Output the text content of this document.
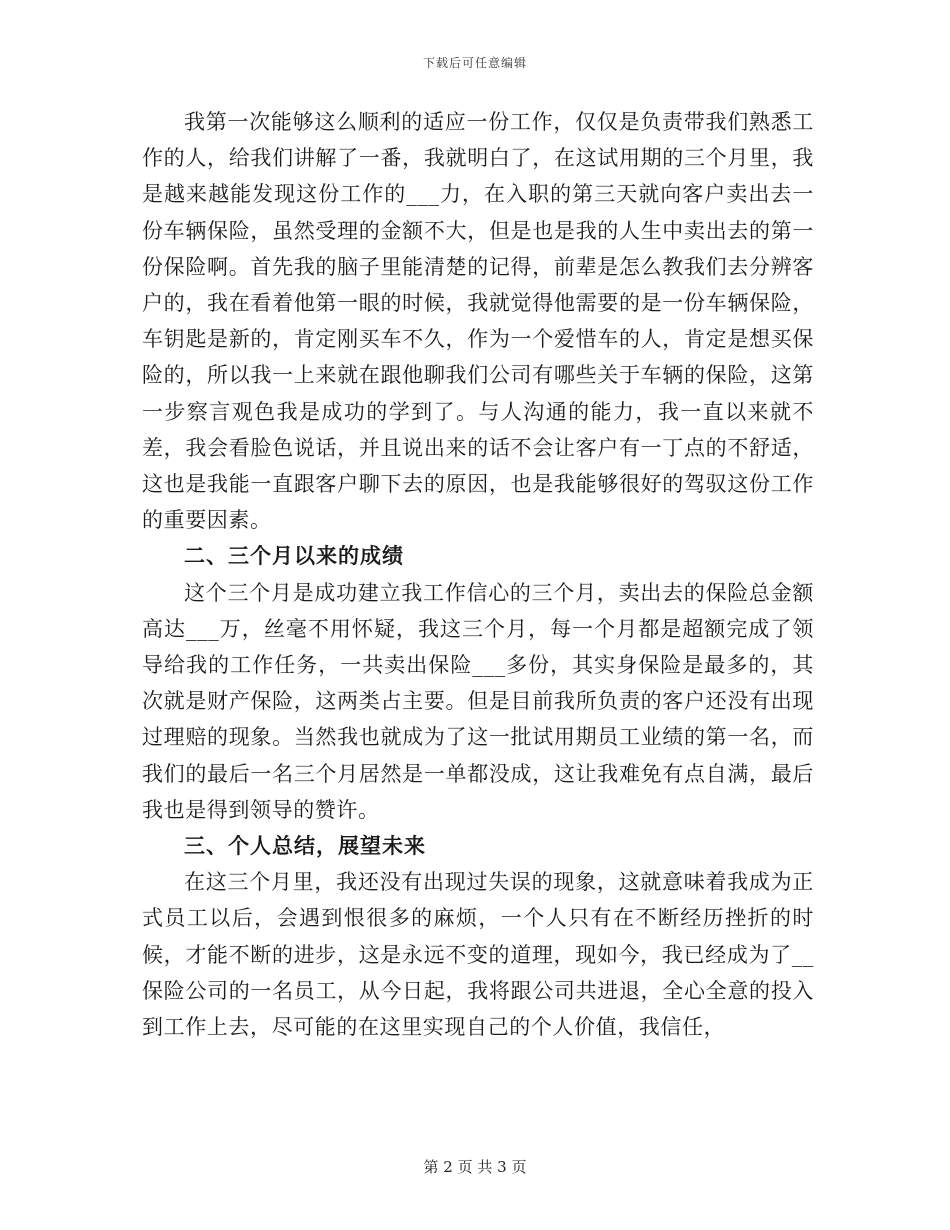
下载后可任意编辑

我第一次能够这么顺利的适应一份工作，仅仅是负责带我们熟悉工作的人，给我们讲解了一番，我就明白了，在这试用期的三个月里，我是越来越能发现这份工作的___力，在入职的第三天就向客户卖出去一份车辆保险，虽然受理的金额不大，但是也是我的人生中卖出去的第一份保险啊。首先我的脑子里能清楚的记得，前辈是怎么教我们去分辨客户的，我在看着他第一眼的时候，我就觉得他需要的是一份车辆保险，车钥匙是新的，肯定刚买车不久，作为一个爱惜车的人，肯定是想买保险的，所以我一上来就在跟他聊我们公司有哪些关于车辆的保险，这第一步察言观色我是成功的学到了。与人沟通的能力，我一直以来就不差，我会看脸色说话，并且说出来的话不会让客户有一丁点的不舒适，这也是我能一直跟客户聊下去的原因，也是我能够很好的驾驭这份工作的重要因素。

二、三个月以来的成绩

这个三个月是成功建立我工作信心的三个月，卖出去的保险总金额高达___万，丝毫不用怀疑，我这三个月，每一个月都是超额完成了领导给我的工作任务，一共卖出保险___多份，其实身保险是最多的，其次就是财产保险，这两类占主要。但是目前我所负责的客户还没有出现过理赔的现象。当然我也就成为了这一批试用期员工业绩的第一名，而我们的最后一名三个月居然是一单都没成，这让我难免有点自满，最后我也是得到领导的赞许。

三、个人总结，展望未来

在这三个月里，我还没有出现过失误的现象，这就意味着我成为正式员工以后，会遇到恨很多的麻烦，一个人只有在不断经历挫折的时候，才能不断的进步，这是永远不变的道理，现如今，我已经成为了__保险公司的一名员工，从今日起，我将跟公司共进退，全心全意的投入到工作上去，尽可能的在这里实现自己的个人价值，我信任，

第 2 页 共 3 页
